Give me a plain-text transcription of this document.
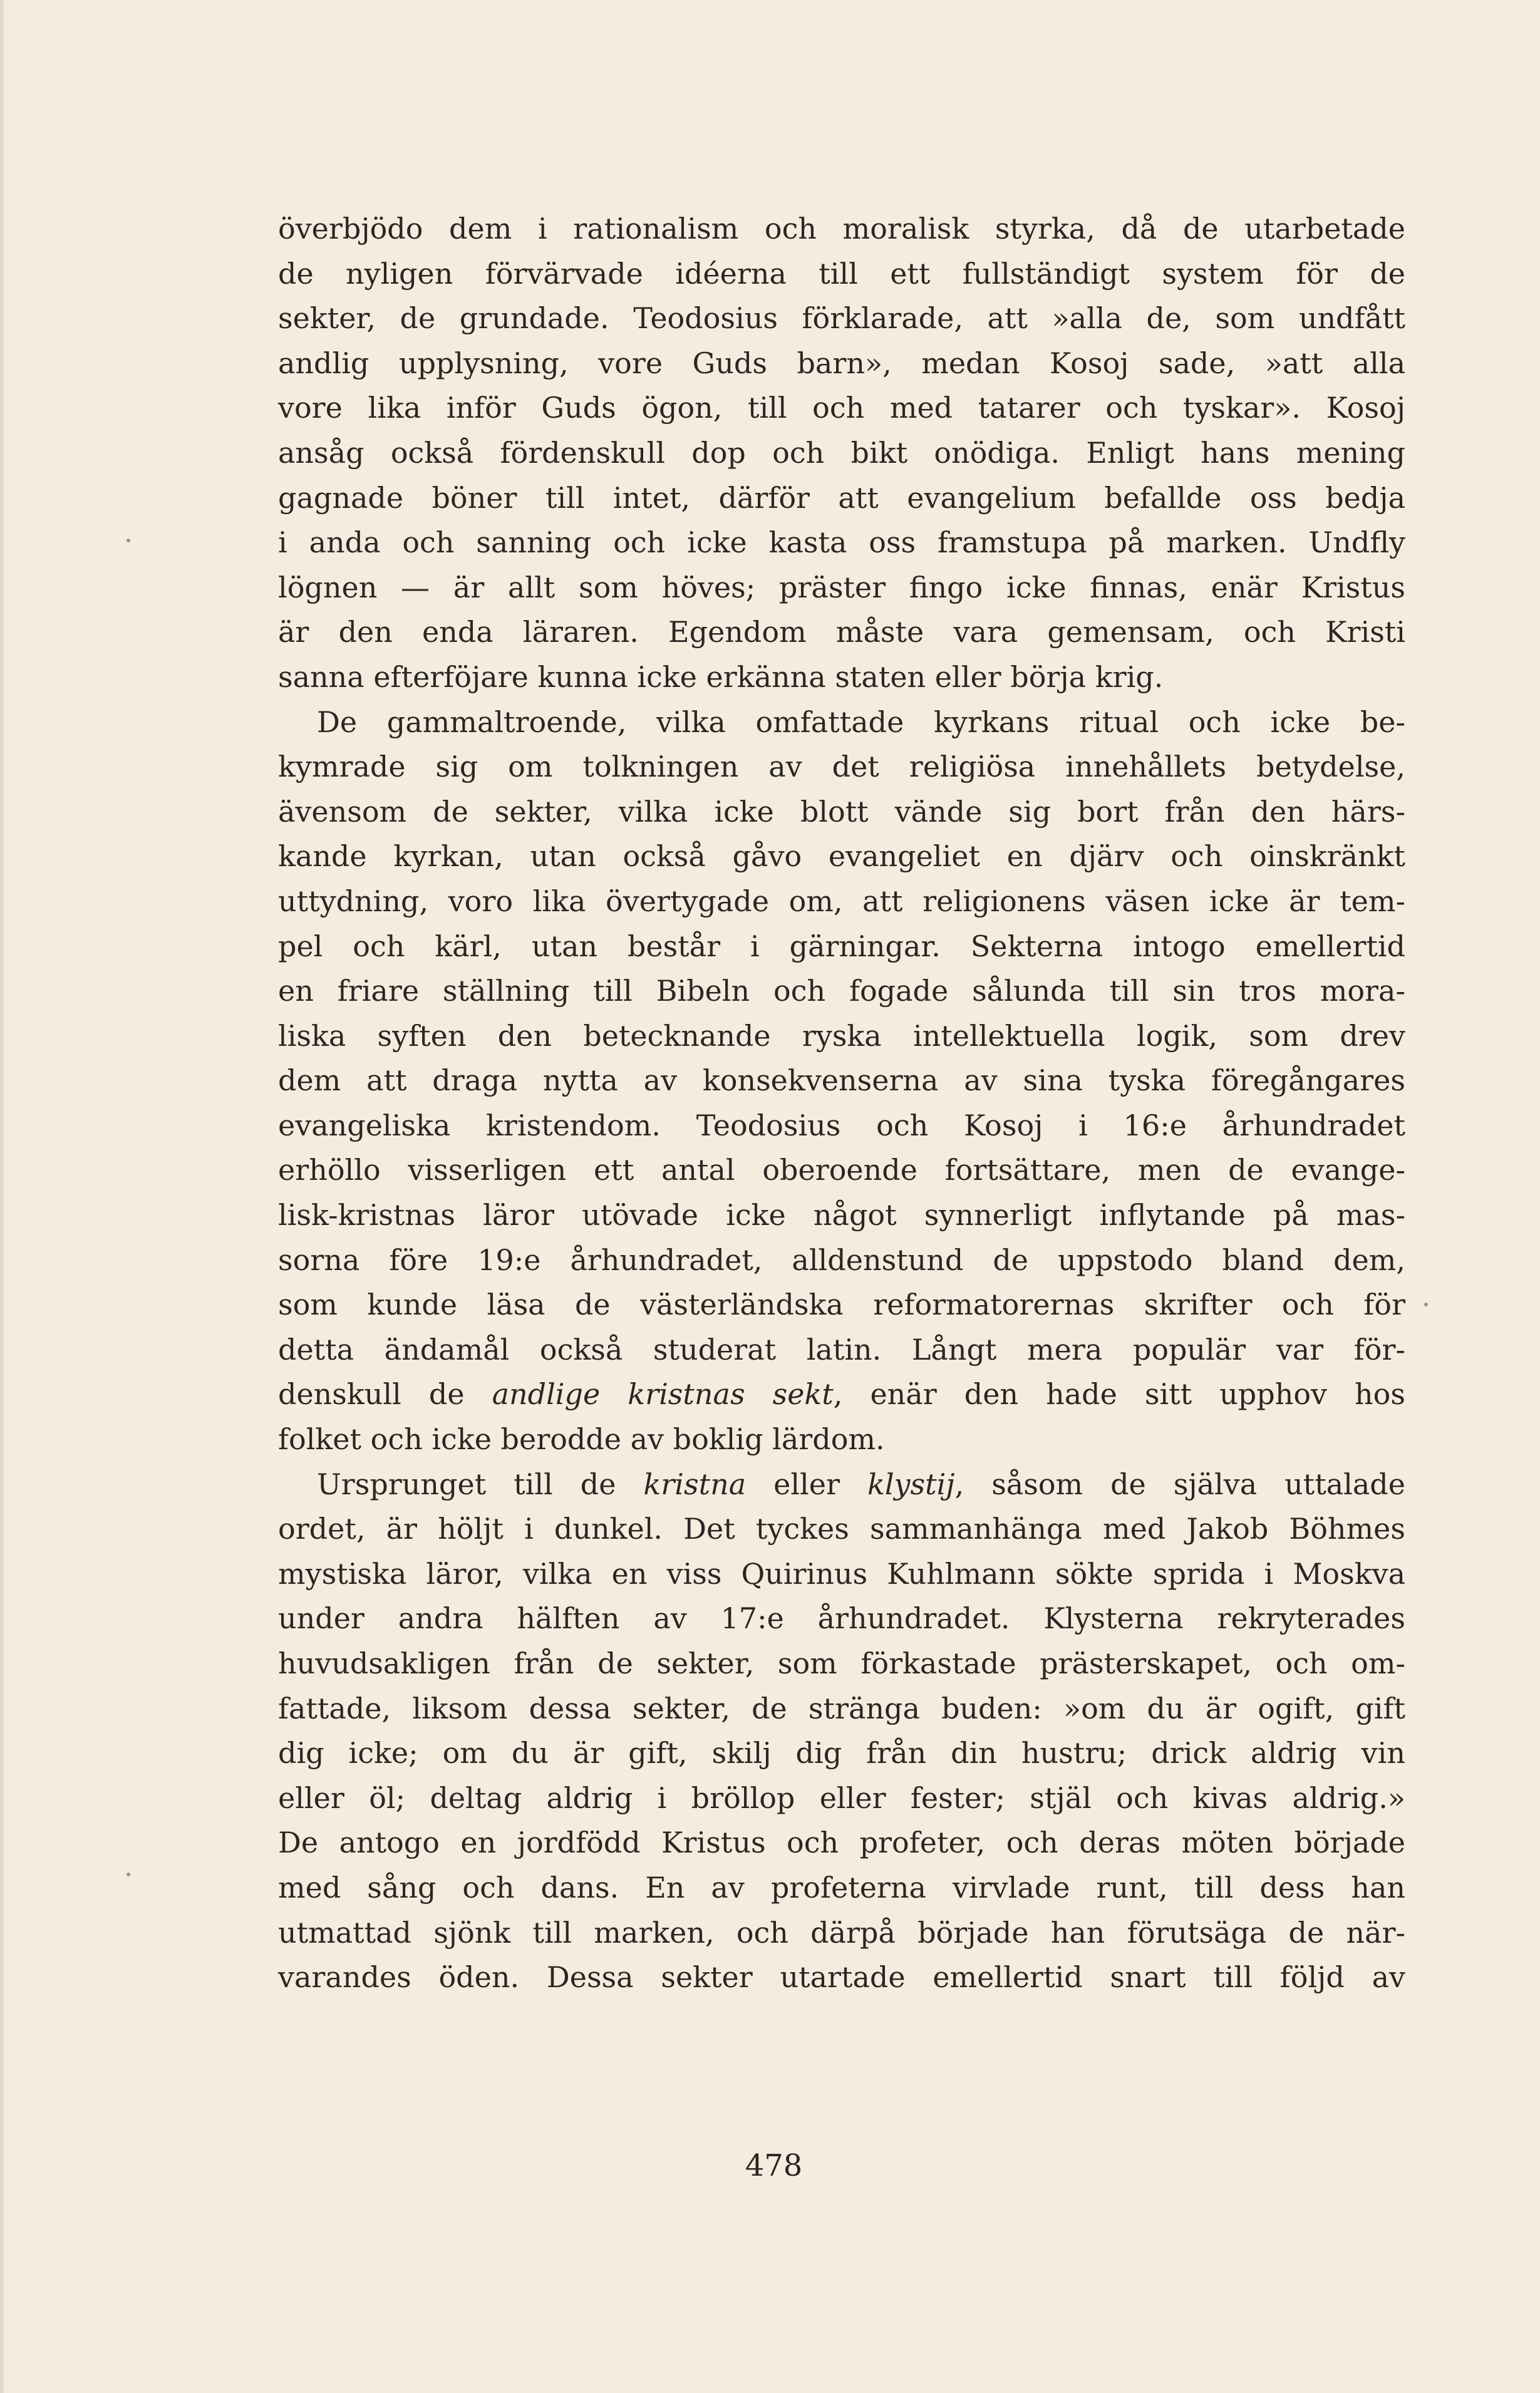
överbjödo dem i rationalism och moralisk styrka, då de utarbetade de nyligen förvärvade idéerna till ett fullständigt system för de sekter, de grundade. Teodosius förklarade, att »alla de, som undfått andlig upplysning, vore Guds barn», medan Kosoj sade, »att alla vore lika inför Guds ögon, till och med tatarer och tyskar». Kosoj ansåg också fördenskull dop och bikt onödiga. Enligt hans mening gagnade böner till intet, därför att evangelium befallde oss bedja i anda och sanning och icke kasta oss framstupa på marken. Undfly lögnen — är allt som höves; präster fingo icke finnas, enär Kristus är den enda läraren. Egendom måste vara gemensam, och Kristi sanna efterföjare kunna icke erkänna staten eller börja krig.

De gammaltroende, vilka omfattade kyrkans ritual och icke be- kymrade sig om tolkningen av det religiösa innehållets betydelse, ävensom de sekter, vilka icke blott vände sig bort från den härs- kande kyrkan, utan också gåvo evangeliet en djärv och oinskränkt uttydning, voro lika övertygade om, att religionens väsen icke är tem- pel och kärl, utan består i gärningar. Sekterna intogo emellertid en friare ställning till Bibeln och fogade sålunda till sin tros mora- liska syften den betecknande ryska intellektuella logik, som drev dem att draga nytta av konsekvenserna av sina tyska föregångares evangeliska kristendom. Teodosius och Kosoj i 16:e århundradet erhöllo visserligen ett antal oberoende fortsättare, men de evange- lisk-kristnas läror utövade icke något synnerligt inflytande på mas- sorna före 19:e århundradet, alldenstund de uppstodo bland dem, som kunde läsa de västerländska reformatorernas skrifter och för detta ändamål också studerat latin. Långt mera populär var för- denskull de andlige kristnas sekt, enär den hade sitt upphov hos folket och icke berodde av boklig lärdom.

Ursprunget till de kristna eller klystij, såsom de själva uttalade ordet, är höljt i dunkel. Det tyckes sammanhänga med Jakob Böhmes mystiska läror, vilka en viss Quirinus Kuhlmann sökte sprida i Moskva under andra hälften av 17:e århundradet. Klysterna rekryterades huvudsakligen från de sekter, som förkastade prästerskapet, och om- fattade, liksom dessa sekter, de stränga buden: »om du är ogift, gift dig icke; om du är gift, skilj dig från din hustru; drick aldrig vin eller öl; deltag aldrig i bröllop eller fester; stjäl och kivas aldrig.» De antogo en jordfödd Kristus och profeter, och deras möten började med sång och dans. En av profeterna virvlade runt, till dess han utmattad sjönk till marken, och därpå började han förutsäga de när- varandes öden. Dessa sekter utartade emellertid snart till följd av

478
